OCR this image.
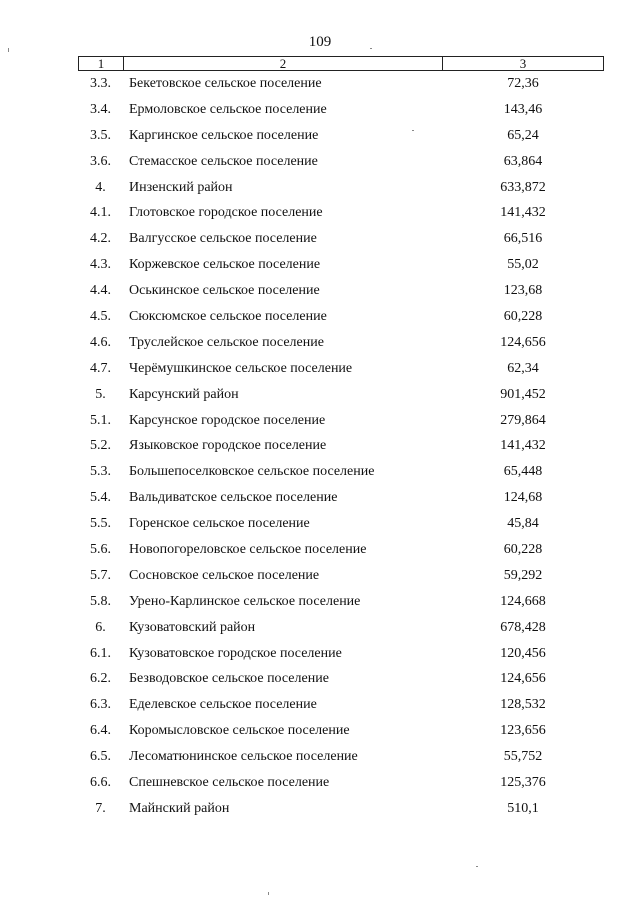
109
1	2	3
3.3.	Бекетовское сельское поселение	72,36
3.4.	Ермоловское сельское поселение	143,46
3.5.	Каргинское сельское поселение	65,24
3.6.	Стемасское сельское поселение	63,864
4.	Инзенский район	633,872
4.1.	Глотовское городское поселение	141,432
4.2.	Валгусское сельское поселение	66,516
4.3.	Коржевское сельское поселение	55,02
4.4.	Оськинское сельское поселение	123,68
4.5.	Сюксюмское сельское поселение	60,228
4.6.	Труслейское сельское поселение	124,656
4.7.	Черёмушкинское сельское поселение	62,34
5.	Карсунский район	901,452
5.1.	Карсунское городское поселение	279,864
5.2.	Языковское городское поселение	141,432
5.3.	Большепоселковское сельское поселение	65,448
5.4.	Вальдиватское сельское поселение	124,68
5.5.	Горенское сельское поселение	45,84
5.6.	Новопогореловское сельское поселение	60,228
5.7.	Сосновское сельское поселение	59,292
5.8.	Урено-Карлинское сельское поселение	124,668
6.	Кузоватовский район	678,428
6.1.	Кузоватовское городское поселение	120,456
6.2.	Безводовское сельское поселение	124,656
6.3.	Еделевское сельское поселение	128,532
6.4.	Коромысловское сельское поселение	123,656
6.5.	Лесоматюнинское сельское поселение	55,752
6.6.	Спешневское сельское поселение	125,376
7.	Майнский район	510,1
